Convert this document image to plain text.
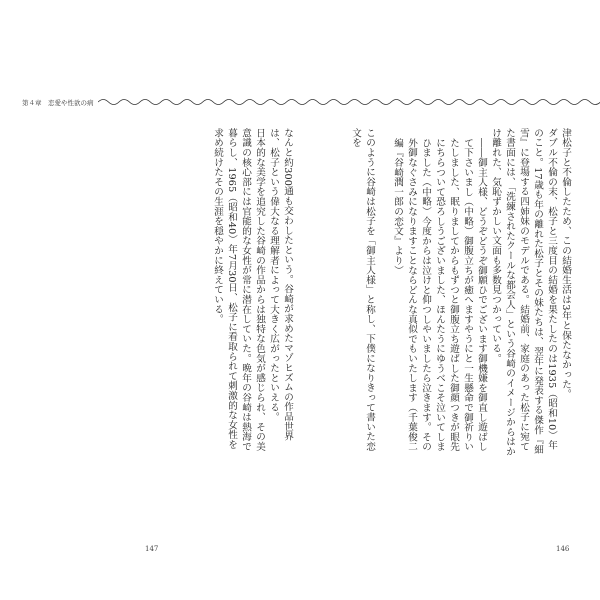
第４章　恋愛や性欲の病

津松子と不倫したため、この結婚生活は3年と保たなかった。

ダブル不倫の末、松子と三度目の結婚を果たしたのは1935（昭和10）年のこと。17歳も年の離れた松子とその妹たちは、翌年に発表する傑作『細雪』に登場する四姉妹のモデルである。結婚前、家庭のあった松子に宛てた書面には、「洗練されたクールな都会人」という谷崎のイメージからはかけ離れた、気恥ずかしい文面も多数見つかっている。

――御主人様、どうぞどうぞ御願ひでございます御機嫌を御直し遊ばして下さいまし（中略）御腹立ちが癒へますやうにと一生懸命で御祈りいたしました、眠りましてからもずつと御腹立ち遊ばした御顔つきが眼先にちらついて恐ろしうございました、ほんたうにゆうべこそ泣いてしまひました（中略）今度からは泣けと仰つしやいましたら泣きます。その外御なぐさみになりますことならどんな真似でもいたします（千葉俊二編『谷崎潤一郎の恋文』より）

このように谷崎は松子を「御主人様」と称し、下僕になりきって書いた恋文を

なんと約300通も交わしたという。谷崎が求めたマゾヒズムの作品世界は、松子という偉大なる理解者によって大きく広がったといえる。

日本的な美学を追究した谷崎の作品からは独特な色気が感じられ、その美意識の核心部には官能的な女性が常に潜在していた。晩年の谷崎は熱海で暮らし、1965（昭和40）年7月30日、松子に看取られて刺激的な女性を求め続けたその生涯を穏やかに終えている。

147	146
